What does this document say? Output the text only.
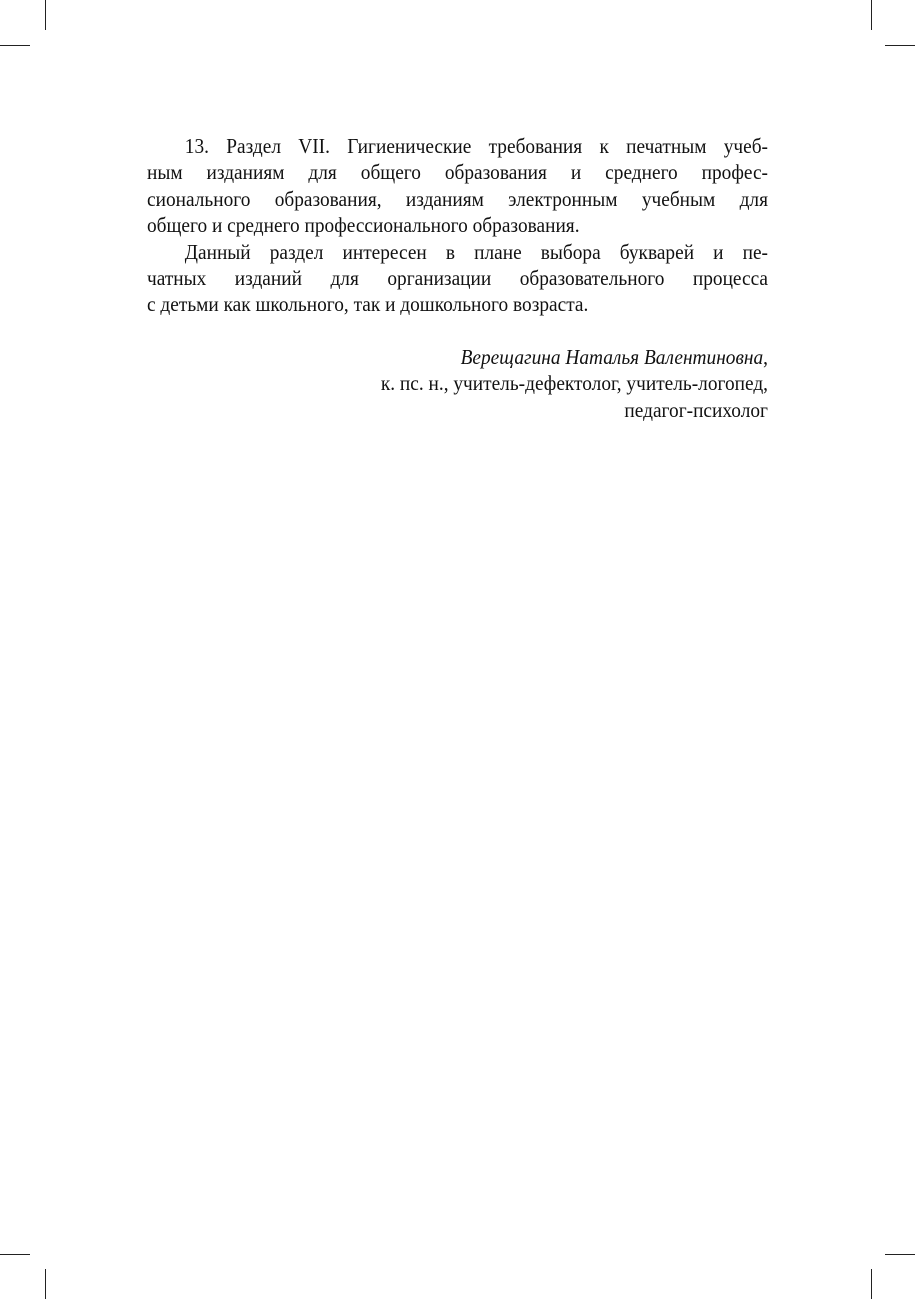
13. Раздел VII. Гигиенические требования к печатным учеб-
ным изданиям для общего образования и среднего профес-
сионального образования, изданиям электронным учебным для
общего и среднего профессионального образования.
Данный раздел интересен в плане выбора букварей и пе-
чатных изданий для организации образовательного процесса
с детьми как школьного, так и дошкольного возраста.
Верещагина Наталья Валентиновна,
к. пс. н., учитель-дефектолог, учитель-логопед,
педагог-психолог
